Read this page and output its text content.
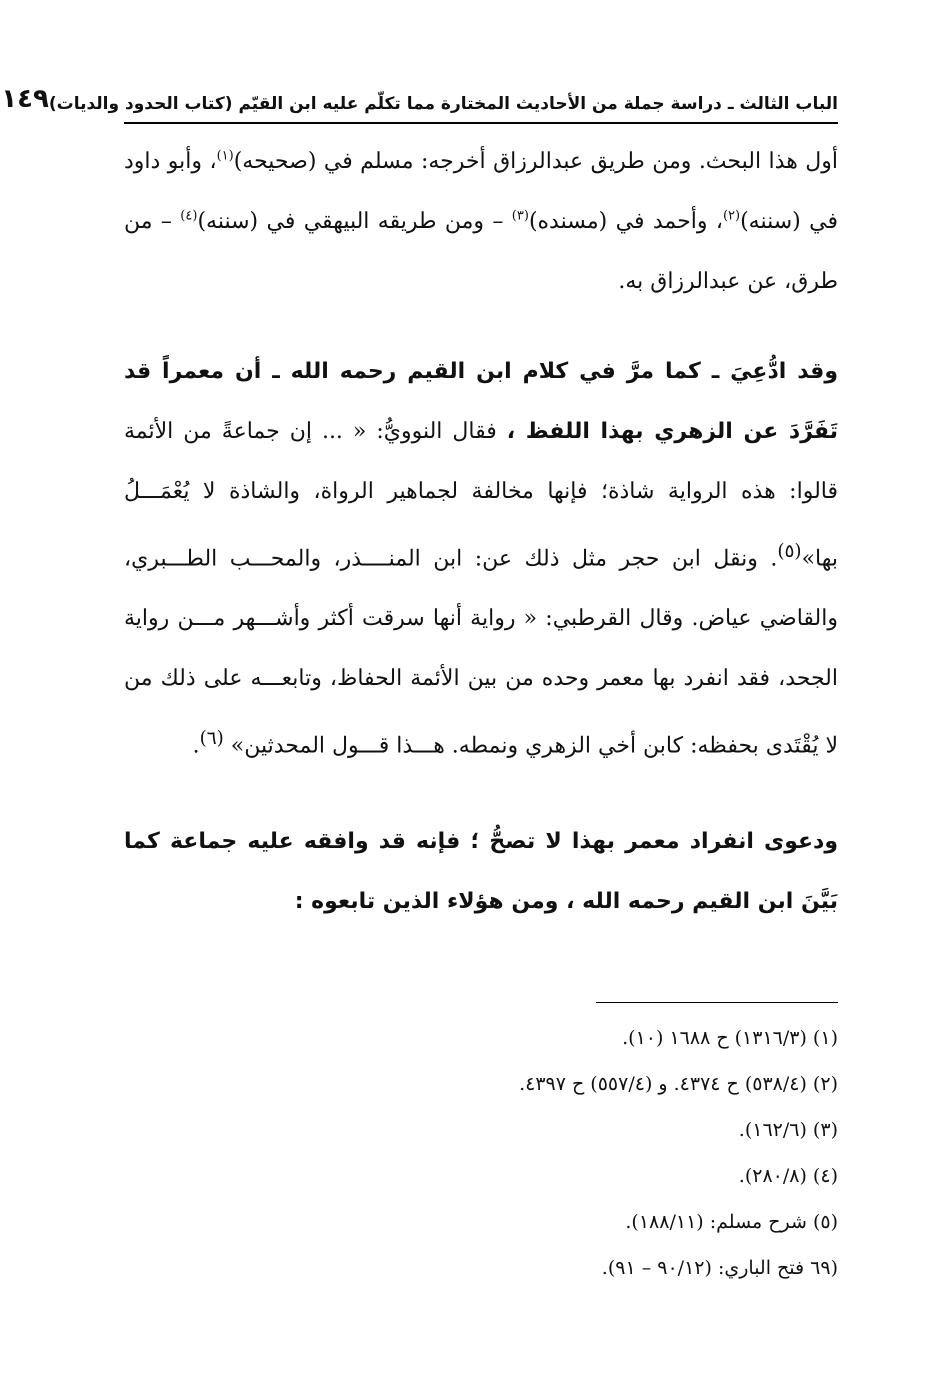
الباب الثالث ـ دراسة جملة من الأحاديث المختارة مما تكلّم عليه ابن القيّم (كتاب الحدود والديات)
١٤٩

أول هذا البحث. ومن طريق عبدالرزاق أخرجه: مسلم في (صحيحه)$^{(١)}$، وأبو داود في (سننه)$^{(٢)}$، وأحمد في (مسنده)$^{(٣)}$ – ومن طريقه البيهقي في (سننه)$^{(٤)}$ – من طرق، عن عبدالرزاق به.

وقد ادُّعِيَ ـ كما مرَّ في كلام ابن القيم رحمه الله ـ أن معمراً قد تَفَرَّدَ عن الزهري بهذا اللفظ ، فقال النوويُّ: « ... إن جماعةً من الأئمة قالوا: هذه الرواية شاذة؛ فإنها مخالفة لجماهير الرواة، والشاذة لا يُعْمَـــلُ بها»$^{(٥)}$. ونقل ابن حجر مثل ذلك عن: ابن المنــــذر، والمحـــب الطـــبري، والقاضي عياض. وقال القرطبي: « رواية أنها سرقت أكثر وأشـــهر مـــن رواية الجحد، فقد انفرد بها معمر وحده من بين الأئمة الحفاظ، وتابعـــه على ذلك من لا يُقْتَدى بحفظه: كابن أخي الزهري ونمطه. هـــذا قـــول المحدثين» $^{(٦)}$.

ودعوى انفراد معمر بهذا لا تصحُّ ؛ فإنه قد وافقه عليه جماعة كما بَيَّنَ ابن القيم رحمه الله ، ومن هؤلاء الذين تابعوه :

(١) (١٣١٦/٣) ح ١٦٨٨ (١٠).
(٢) (٥٣٨/٤) ح ٤٣٧٤. و (٥٥٧/٤) ح ٤٣٩٧.
(٣) (١٦٢/٦).
(٤) (٢٨٠/٨).
(٥) شرح مسلم: (١٨٨/١١).
(٦٩ فتح الباري: (٩٠/١٢ – ٩١).
